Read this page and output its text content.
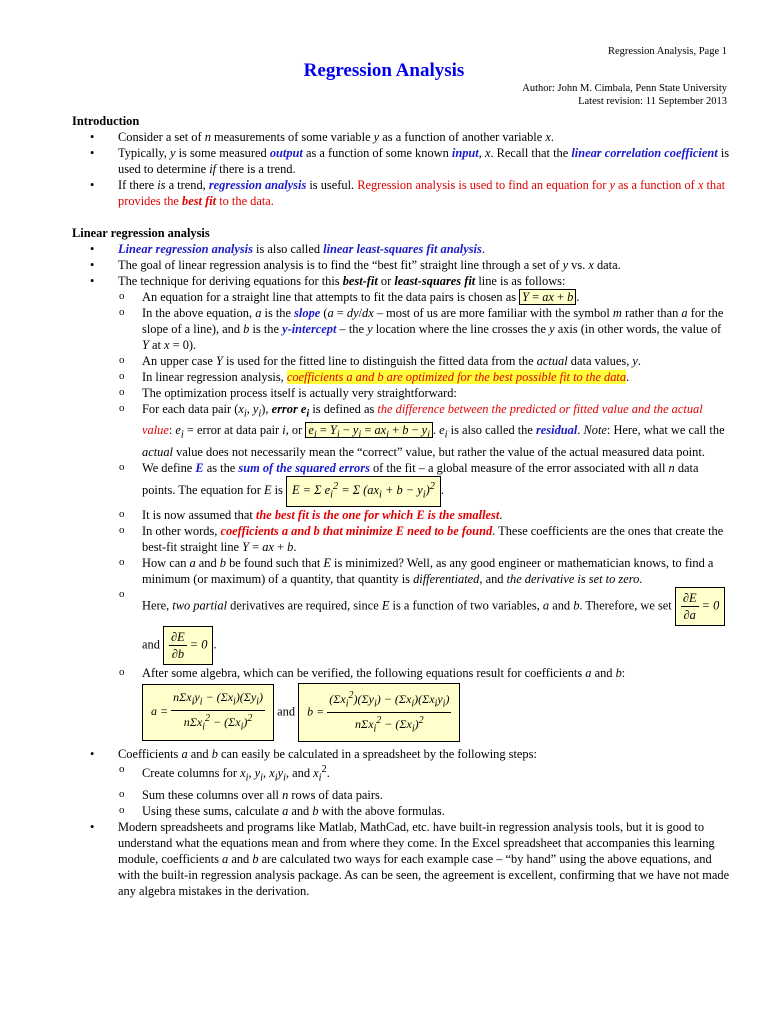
Regression Analysis, Page 1
Regression Analysis
Author: John M. Cimbala, Penn State University
Latest revision: 11 September 2013

Introduction

• Consider a set of n measurements of some variable y as a function of another variable x.
• Typically, y is some measured output as a function of some known input, x. Recall that the linear correlation coefficient is used to determine if there is a trend.
• If there is a trend, regression analysis is useful. Regression analysis is used to find an equation for y as a function of x that provides the best fit to the data.

Linear regression analysis

• Linear regression analysis is also called linear least-squares fit analysis.
• The goal of linear regression analysis is to find the “best fit” straight line through a set of y vs. x data.
• The technique for deriving equations for this best-fit or least-squares fit line is as follows:
o An equation for a straight line that attempts to fit the data pairs is chosen as Y = ax + b .
o In the above equation, a is the slope (a = dy/dx – most of us are more familiar with the symbol m rather than a for the slope of a line), and b is the y-intercept – the y location where the line crosses the y axis (in other words, the value of Y at x = 0).
o An upper case Y is used for the fitted line to distinguish the fitted data from the actual data values, y.
o In linear regression analysis, coefficients a and b are optimized for the best possible fit to the data.
o The optimization process itself is actually very straightforward:
o For each data pair ($x_i$, $y_i$), error $e_i$ is defined as the difference between the predicted or fitted value and the actual value: $e_i$ = error at data pair i, or $e_i = Y_i - y_i = ax_i + b - y_i$ . $e_i$ is also called the residual. Note: Here, what we call the actual value does not necessarily mean the “correct” value, but rather the value of the actual measured data point.
o We define E as the sum of the squared errors of the fit – a global measure of the error associated with all n data points. The equation for E is E = Σ $e_i^2 = \Sigma$ $(ax_i + b - y_i)^2$ .
o It is now assumed that the best fit is the one for which E is the smallest.
o In other words, coefficients a and b that minimize E need to be found. These coefficients are the ones that create the best-fit straight line Y = ax + b.
o How can a and b be found such that E is minimized? Well, as any good engineer or mathematician knows, to find a minimum (or maximum) of a quantity, that quantity is differentiated, and the derivative is set to zero.
o Here, two partial derivatives are required, since E is a function of two variables, a and b. Therefore, we set $\frac{\partial E}{\partial a} = 0$ and $\frac{\partial E}{\partial b} = 0$ .
o After some algebra, which can be verified, the following equations result for coefficients a and b:
$a = \frac{n\Sigma x_iy_i - (\Sigma x_i)(\Sigma y_i)}{n\Sigma x_i^2 - (\Sigma x_i)^2}$ and $b = \frac{(\Sigma x_i^2)(\Sigma y_i) - (\Sigma x_i)(\Sigma x_iy_i)}{n\Sigma x_i^2 - (\Sigma x_i)^2}$
• Coefficients a and b can easily be calculated in a spreadsheet by the following steps:
o Create columns for $x_i$, $y_i$, $x_iy_i$, and $x_i^2$.
o Sum these columns over all n rows of data pairs.
o Using these sums, calculate a and b with the above formulas.
• Modern spreadsheets and programs like Matlab, MathCad, etc. have built-in regression analysis tools, but it is good to understand what the equations mean and from where they come. In the Excel spreadsheet that accompanies this learning module, coefficients a and b are calculated two ways for each example case – “by hand” using the above equations, and with the built-in regression analysis package. As can be seen, the agreement is excellent, confirming that we have not made any algebra mistakes in the derivation.
